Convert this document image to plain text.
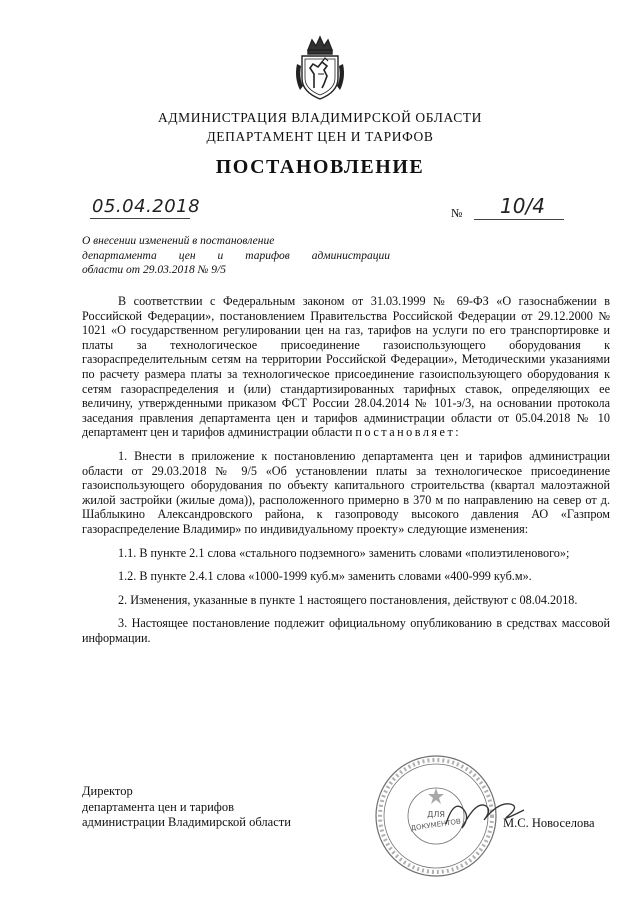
АДМИНИСТРАЦИЯ ВЛАДИМИРСКОЙ ОБЛАСТИ
ДЕПАРТАМЕНТ ЦЕН И ТАРИФОВ
ПОСТАНОВЛЕНИЕ
05.04.2018	№ 10/4
О внесении изменений в постановление
департамента цен и тарифов администрации
области от 29.03.2018 № 9/5

В соответствии с Федеральным законом от 31.03.1999 № 69-ФЗ «О газоснабжении в Российской Федерации», постановлением Правительства Российской Федерации от 29.12.2000 № 1021 «О государственном регулировании цен на газ, тарифов на услуги по его транспортировке и платы за технологическое присоединение газоиспользующего оборудования к газораспределительным сетям на территории Российской Федерации», Методическими указаниями по расчету размера платы за технологическое присоединение газоиспользующего оборудования к сетям газораспределения и (или) стандартизированных тарифных ставок, определяющих ее величину, утвержденными приказом ФСТ России 28.04.2014 № 101-э/3, на основании протокола заседания правления департамента цен и тарифов администрации области от 05.04.2018 № 10 департамент цен и тарифов администрации области постановляет:

1. Внести в приложение к постановлению департамента цен и тарифов администрации области от 29.03.2018 № 9/5 «Об установлении платы за технологическое присоединение газоиспользующего оборудования по объекту капитального строительства (квартал малоэтажной жилой застройки (жилые дома)), расположенного примерно в 370 м по направлению на север от д. Шаблыкино Александровского района, к газопроводу высокого давления АО «Газпром газораспределение Владимир» по индивидуальному проекту» следующие изменения:

1.1. В пункте 2.1 слова «стального подземного» заменить словами «полиэтиленового»;

1.2. В пункте 2.4.1 слова «1000-1999 куб.м» заменить словами «400-999 куб.м».

2. Изменения, указанные в пункте 1 настоящего постановления, действуют с 08.04.2018.

3. Настоящее постановление подлежит официальному опубликованию в средствах массовой информации.

ДЛЯ
ДОКУМЕНТОВ
Директор
департамента цен и тарифов
администрации Владимирской области	М.С. Новоселова
